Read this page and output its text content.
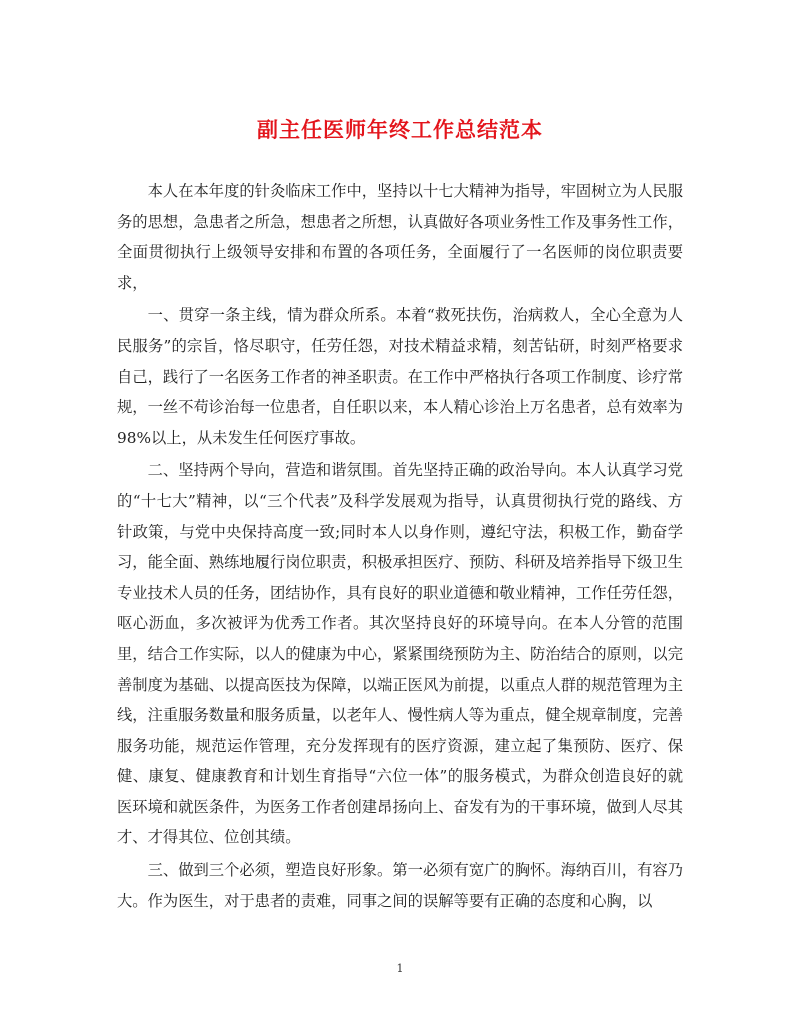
副主任医师年终工作总结范本

本人在本年度的针灸临床工作中，坚持以十七大精神为指导，牢固树立为人民服务的思想，急患者之所急，想患者之所想，认真做好各项业务性工作及事务性工作，全面贯彻执行上级领导安排和布置的各项任务，全面履行了一名医师的岗位职责要求，

一、贯穿一条主线，情为群众所系。本着“救死扶伤，治病救人，全心全意为人民服务”的宗旨，恪尽职守，任劳任怨，对技术精益求精，刻苦钻研，时刻严格要求自己，践行了一名医务工作者的神圣职责。在工作中严格执行各项工作制度、诊疗常规，一丝不苟诊治每一位患者，自任职以来，本人精心诊治上万名患者，总有效率为98%以上，从未发生任何医疗事故。

二、坚持两个导向，营造和谐氛围。首先坚持正确的政治导向。本人认真学习党的“十七大”精神，以“三个代表”及科学发展观为指导，认真贯彻执行党的路线、方针政策，与党中央保持高度一致;同时本人以身作则，遵纪守法，积极工作，勤奋学习，能全面、熟练地履行岗位职责，积极承担医疗、预防、科研及培养指导下级卫生专业技术人员的任务，团结协作，具有良好的职业道德和敬业精神，工作任劳任怨，呕心沥血，多次被评为优秀工作者。其次坚持良好的环境导向。在本人分管的范围里，结合工作实际，以人的健康为中心，紧紧围绕预防为主、防治结合的原则，以完善制度为基础、以提高医技为保障，以端正医风为前提，以重点人群的规范管理为主线，注重服务数量和服务质量，以老年人、慢性病人等为重点，健全规章制度，完善服务功能，规范运作管理，充分发挥现有的医疗资源，建立起了集预防、医疗、保健、康复、健康教育和计划生育指导“六位一体”的服务模式，为群众创造良好的就医环境和就医条件，为医务工作者创建昂扬向上、奋发有为的干事环境，做到人尽其才、才得其位、位创其绩。

三、做到三个必须，塑造良好形象。第一必须有宽广的胸怀。海纳百川，有容乃大。作为医生，对于患者的责难，同事之间的误解等要有正确的态度和心胸，以

1
